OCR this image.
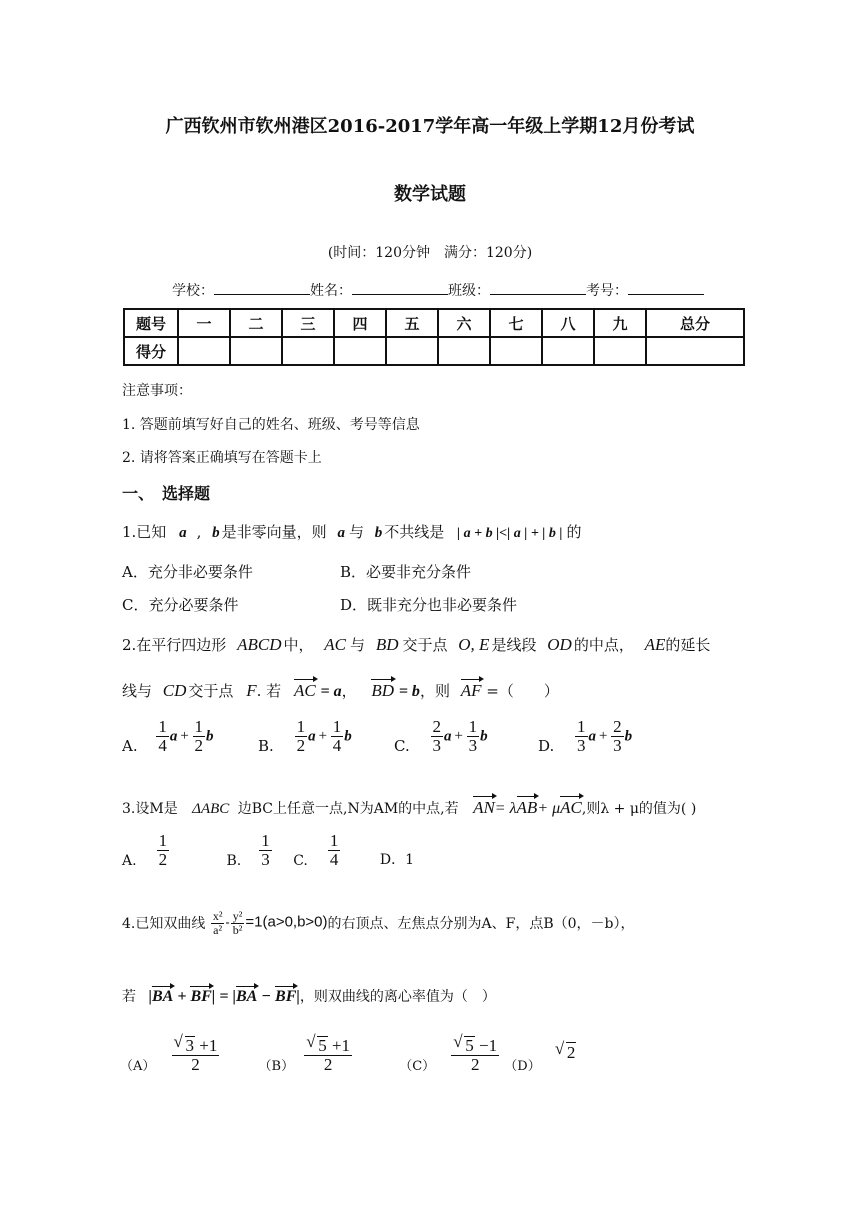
广西钦州市钦州港区2016-2017学年高一年级上学期12月份考试
数学试题
(时间：120分钟　满分：120分)
学校：	姓名：	班级：	考号：
题号	一	二	三	四	五	六	七	八	九	总分
得分										
注意事项：
1. 答题前填写好自己的姓名、班级、考号等信息
2. 请将答案正确填写在答题卡上
一、　选择题
1.已知 a , b 是非零向量，则 a 与 b 不共线是 | a + b |<| a | + | b | 的
A．充分非必要条件	B．必要非充分条件
C．充分必要条件	D．既非充分也非必要条件
2.在平行四边形 ABCD 中， AC 与 BD 交于点 O, E 是线段 OD 的中点， AE的延长
线与 CD 交于点 F. 若 AC = a， BD = b，则 AF =（　　）
A. $\frac{1}{4}$ $a + \frac{1}{2}$ b
B. $\frac{1}{2}$ $a + \frac{1}{4}$ b
C. $\frac{2}{3}$ $a + \frac{1}{3}$ b
D. $\frac{1}{3}$ $a + \frac{2}{3}$ b
3.设M是 ΔABC 边BC上任意一点,N为AM的中点,若 AN= λAB+ μAC,则λ + μ的值为( )
A. $\frac{1}{2}$	B. $\frac{1}{3} C$. $\frac{1}{4}$	D．1
4.已知双曲线 $\frac{\text{x²}}{\text{a²}} - \frac{\text{y²}}{\text{b²}} =1(a>0,b>0)$的右顶点、左焦点分别为A、F，点B（0，－b），
若 |BA + BF| = |BA − BF|，则双曲线的离心率值为（　）
（A） √ $\frac{3 +1}{2}$	（B） √ $\frac{5 +1}{2}$	（C） √ $\frac{5 -1}{2} (D)$ √ 2
